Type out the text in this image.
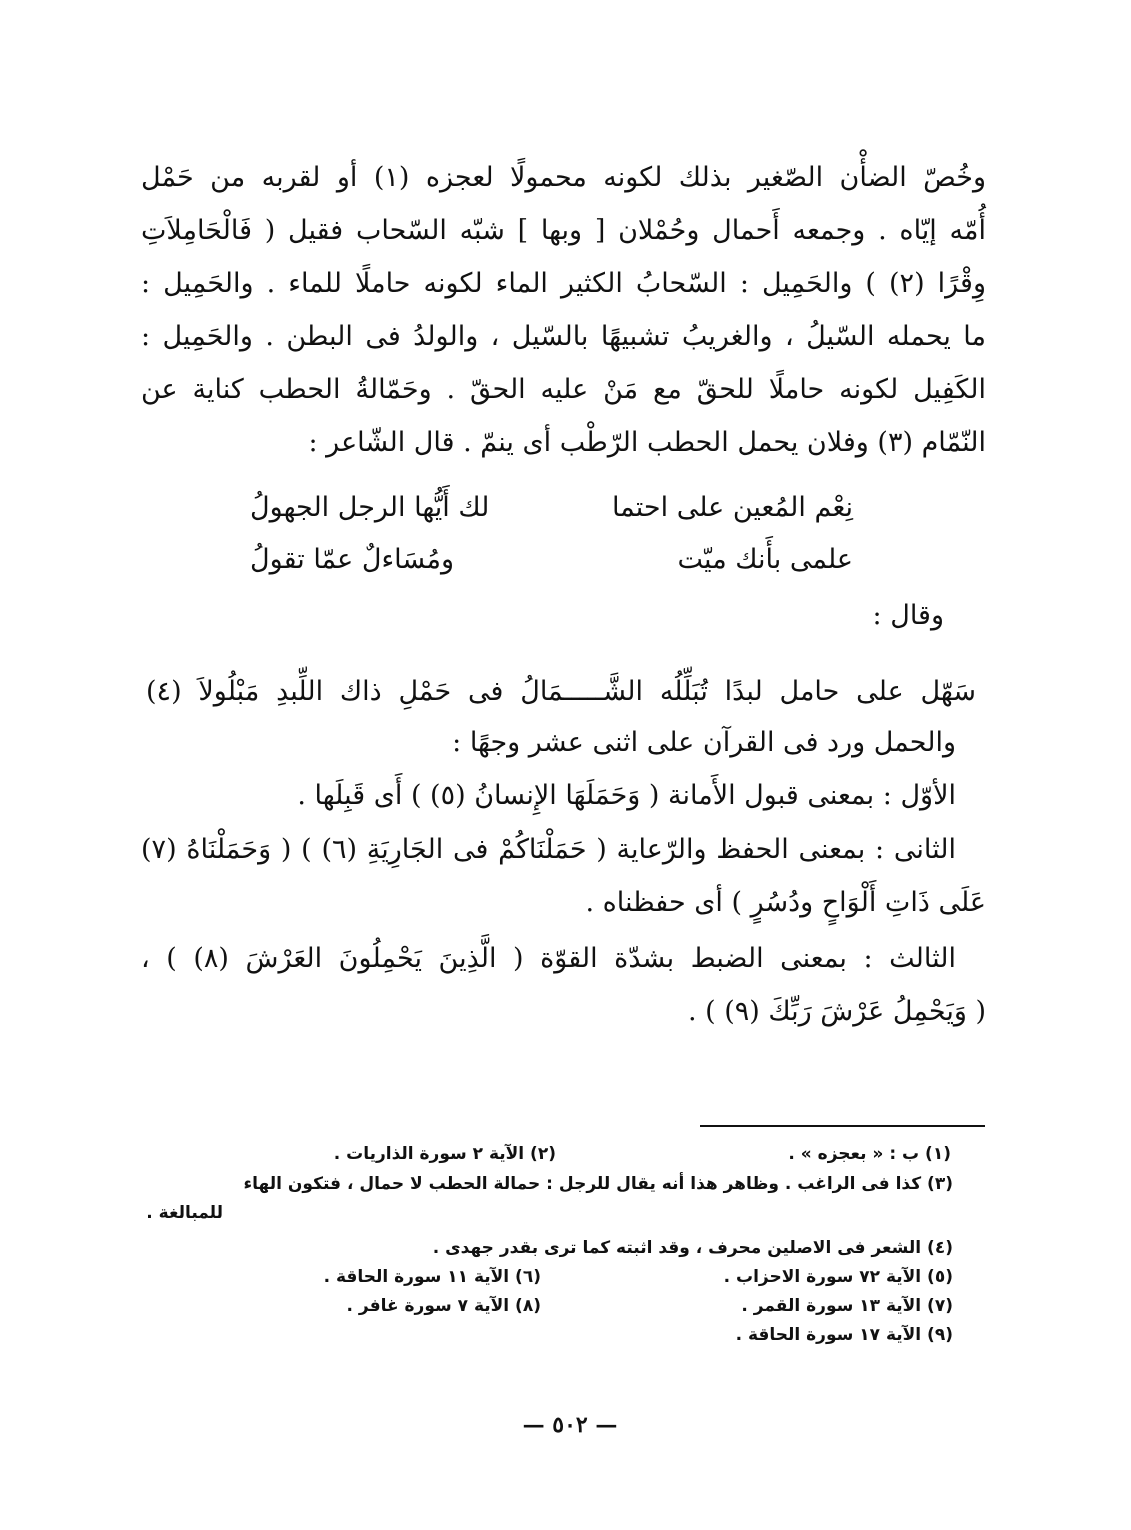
وخُصّ الضأْن الصّغير بذلك لكونه محمولًا لعجزه (١) أو لقربه من حَمْل
أُمّه إيّاه . وجمعه أَحمال وحُمْلان [ وبها ] شبّه السّحاب فقيل ( فَالْحَامِلاَتِ
وِقْرًا (٢) ) والحَمِيل : السّحابُ الكثير الماء لكونه حاملًا للماء . والحَمِيل :
ما يحمله السّيلُ ، والغريبُ تشبيهًا بالسّيل ، والولدُ فى البطن . والحَمِيل :
الكَفِيل لكونه حاملًا للحقّ مع مَنْ عليه الحقّ . وحَمّالةُ الحطب كناية عن
النّمّام (٣) وفلان يحمل الحطب الرّطْب أى ينمّ . قال الشّاعر :
نِعْم المُعين على احتما
لك أَيُّها الرجل الجهولُ
علمى بأَنك ميّت
ومُسَاءلٌ عمّا تقولُ
وقال :
سَهّل على حامل لبدًا تُبَلِّلُه الشَّـــــمَالُ فى حَمْلِ ذاك اللِّبدِ مَبْلُولاَ (٤)
والحمل ورد فى القرآن على اثنى عشر وجهًا :
الأوّل : بمعنى قبول الأَمانة ( وَحَمَلَهَا الإِنسانُ (٥) ) أَى قَبِلَها .
الثانى : بمعنى الحفظ والرّعاية ( حَمَلْنَاكُمْ فى الجَارِيَةِ (٦) ) ( وَحَمَلْنَاهُ (٧)
عَلَى ذَاتِ أَلْوَاحٍ ودُسُرٍ ) أى حفظناه .
الثالث : بمعنى الضبط بشدّة القوّة ( الَّذِينَ يَحْمِلُونَ العَرْشَ (٨) ) ،
( وَيَحْمِلُ عَرْشَ رَبِّكَ (٩) ) .
(١) ب : « بعجزه » .
(٢) الآية ٢ سورة الذاريات .
(٣) كذا فى الراغب . وظاهر هذا أنه يقال للرجل : حمالة الحطب لا حمال ، فتكون الهاء
للمبالغة .
(٤) الشعر فى الاصلين محرف ، وقد اثبته كما ترى بقدر جهدى .
(٥) الآية ٧٢ سورة الاحزاب .
(٦) الآية ١١ سورة الحاقة .
(٧) الآية ١٣ سورة القمر .
(٨) الآية ٧ سورة غافر .
(٩) الآية ١٧ سورة الحاقة .
— ٥٠٢ —
